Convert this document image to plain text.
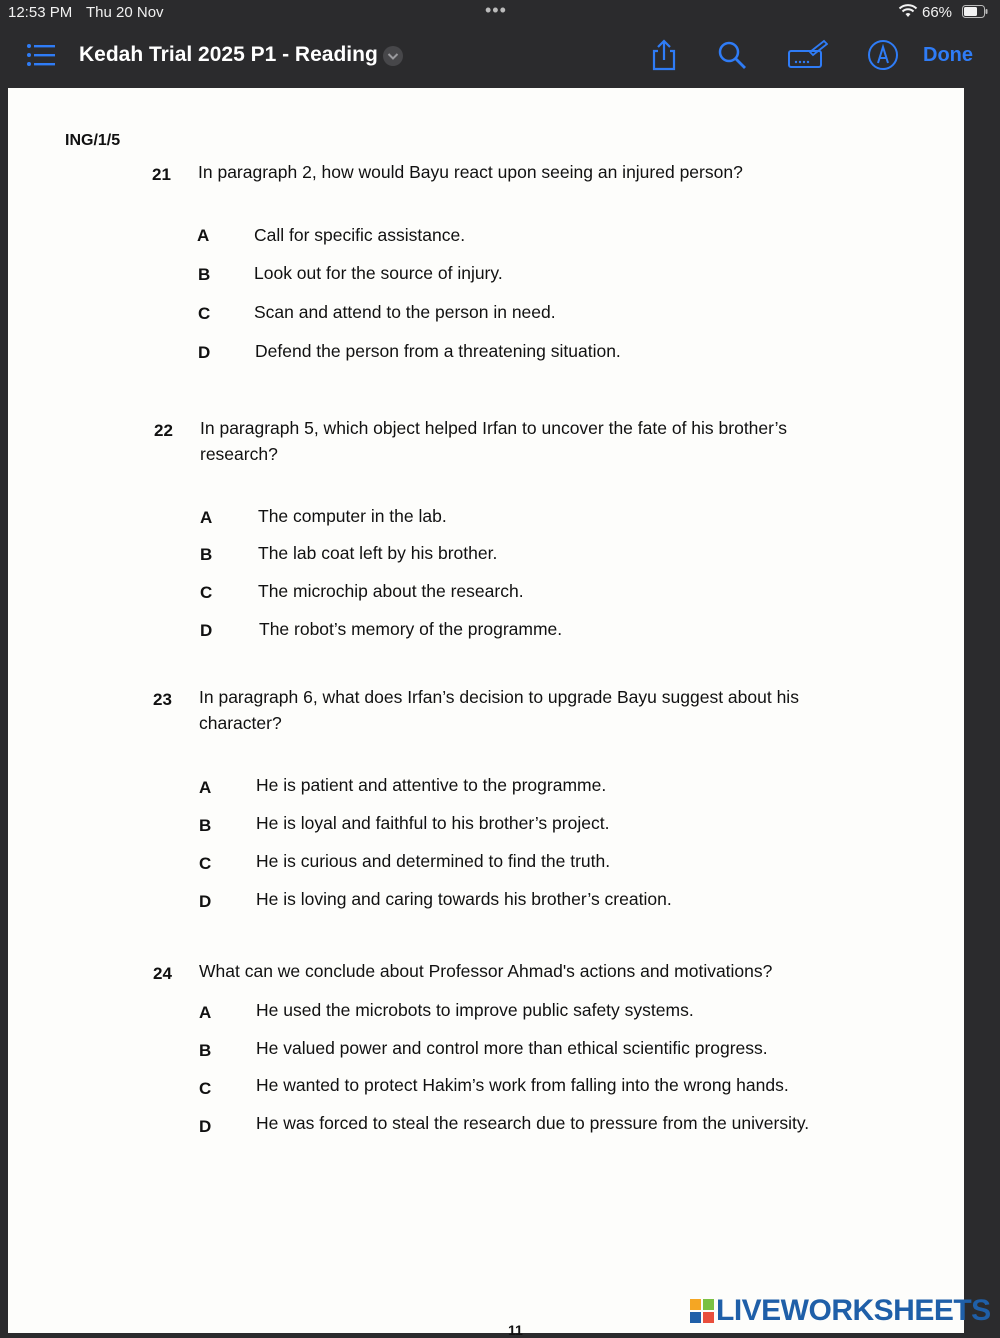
12:53 PM Thu 20 Nov	•••	66%
Kedah Trial 2025 P1 - Reading	Done
ING/1/5
21 In paragraph 2, how would Bayu react upon seeing an injured person?
A	Call for specific assistance.
B Look out for the source of injury.
C Scan and attend to the person in need.
D	Defend the person from a threatening situation.
22 In paragraph 5, which object helped Irfan to uncover the fate of his brother’s research?
A	The computer in the lab.
B	The lab coat left by his brother.
C	The microchip about the research.
D	The robot’s memory of the programme.
23 In paragraph 6, what does Irfan’s decision to upgrade Bayu suggest about his character?
A	He is patient and attentive to the programme.
B	He is loyal and faithful to his brother’s project.
C	He is curious and determined to find the truth.
D	He is loving and caring towards his brother’s creation.
24 What can we conclude about Professor Ahmad's actions and motivations?
A	He used the microbots to improve public safety systems.
B	He valued power and control more than ethical scientific progress.
C	He wanted to protect Hakim’s work from falling into the wrong hands.
D	He was forced to steal the research due to pressure from the university.
11
LIVEWORKSHEETS
